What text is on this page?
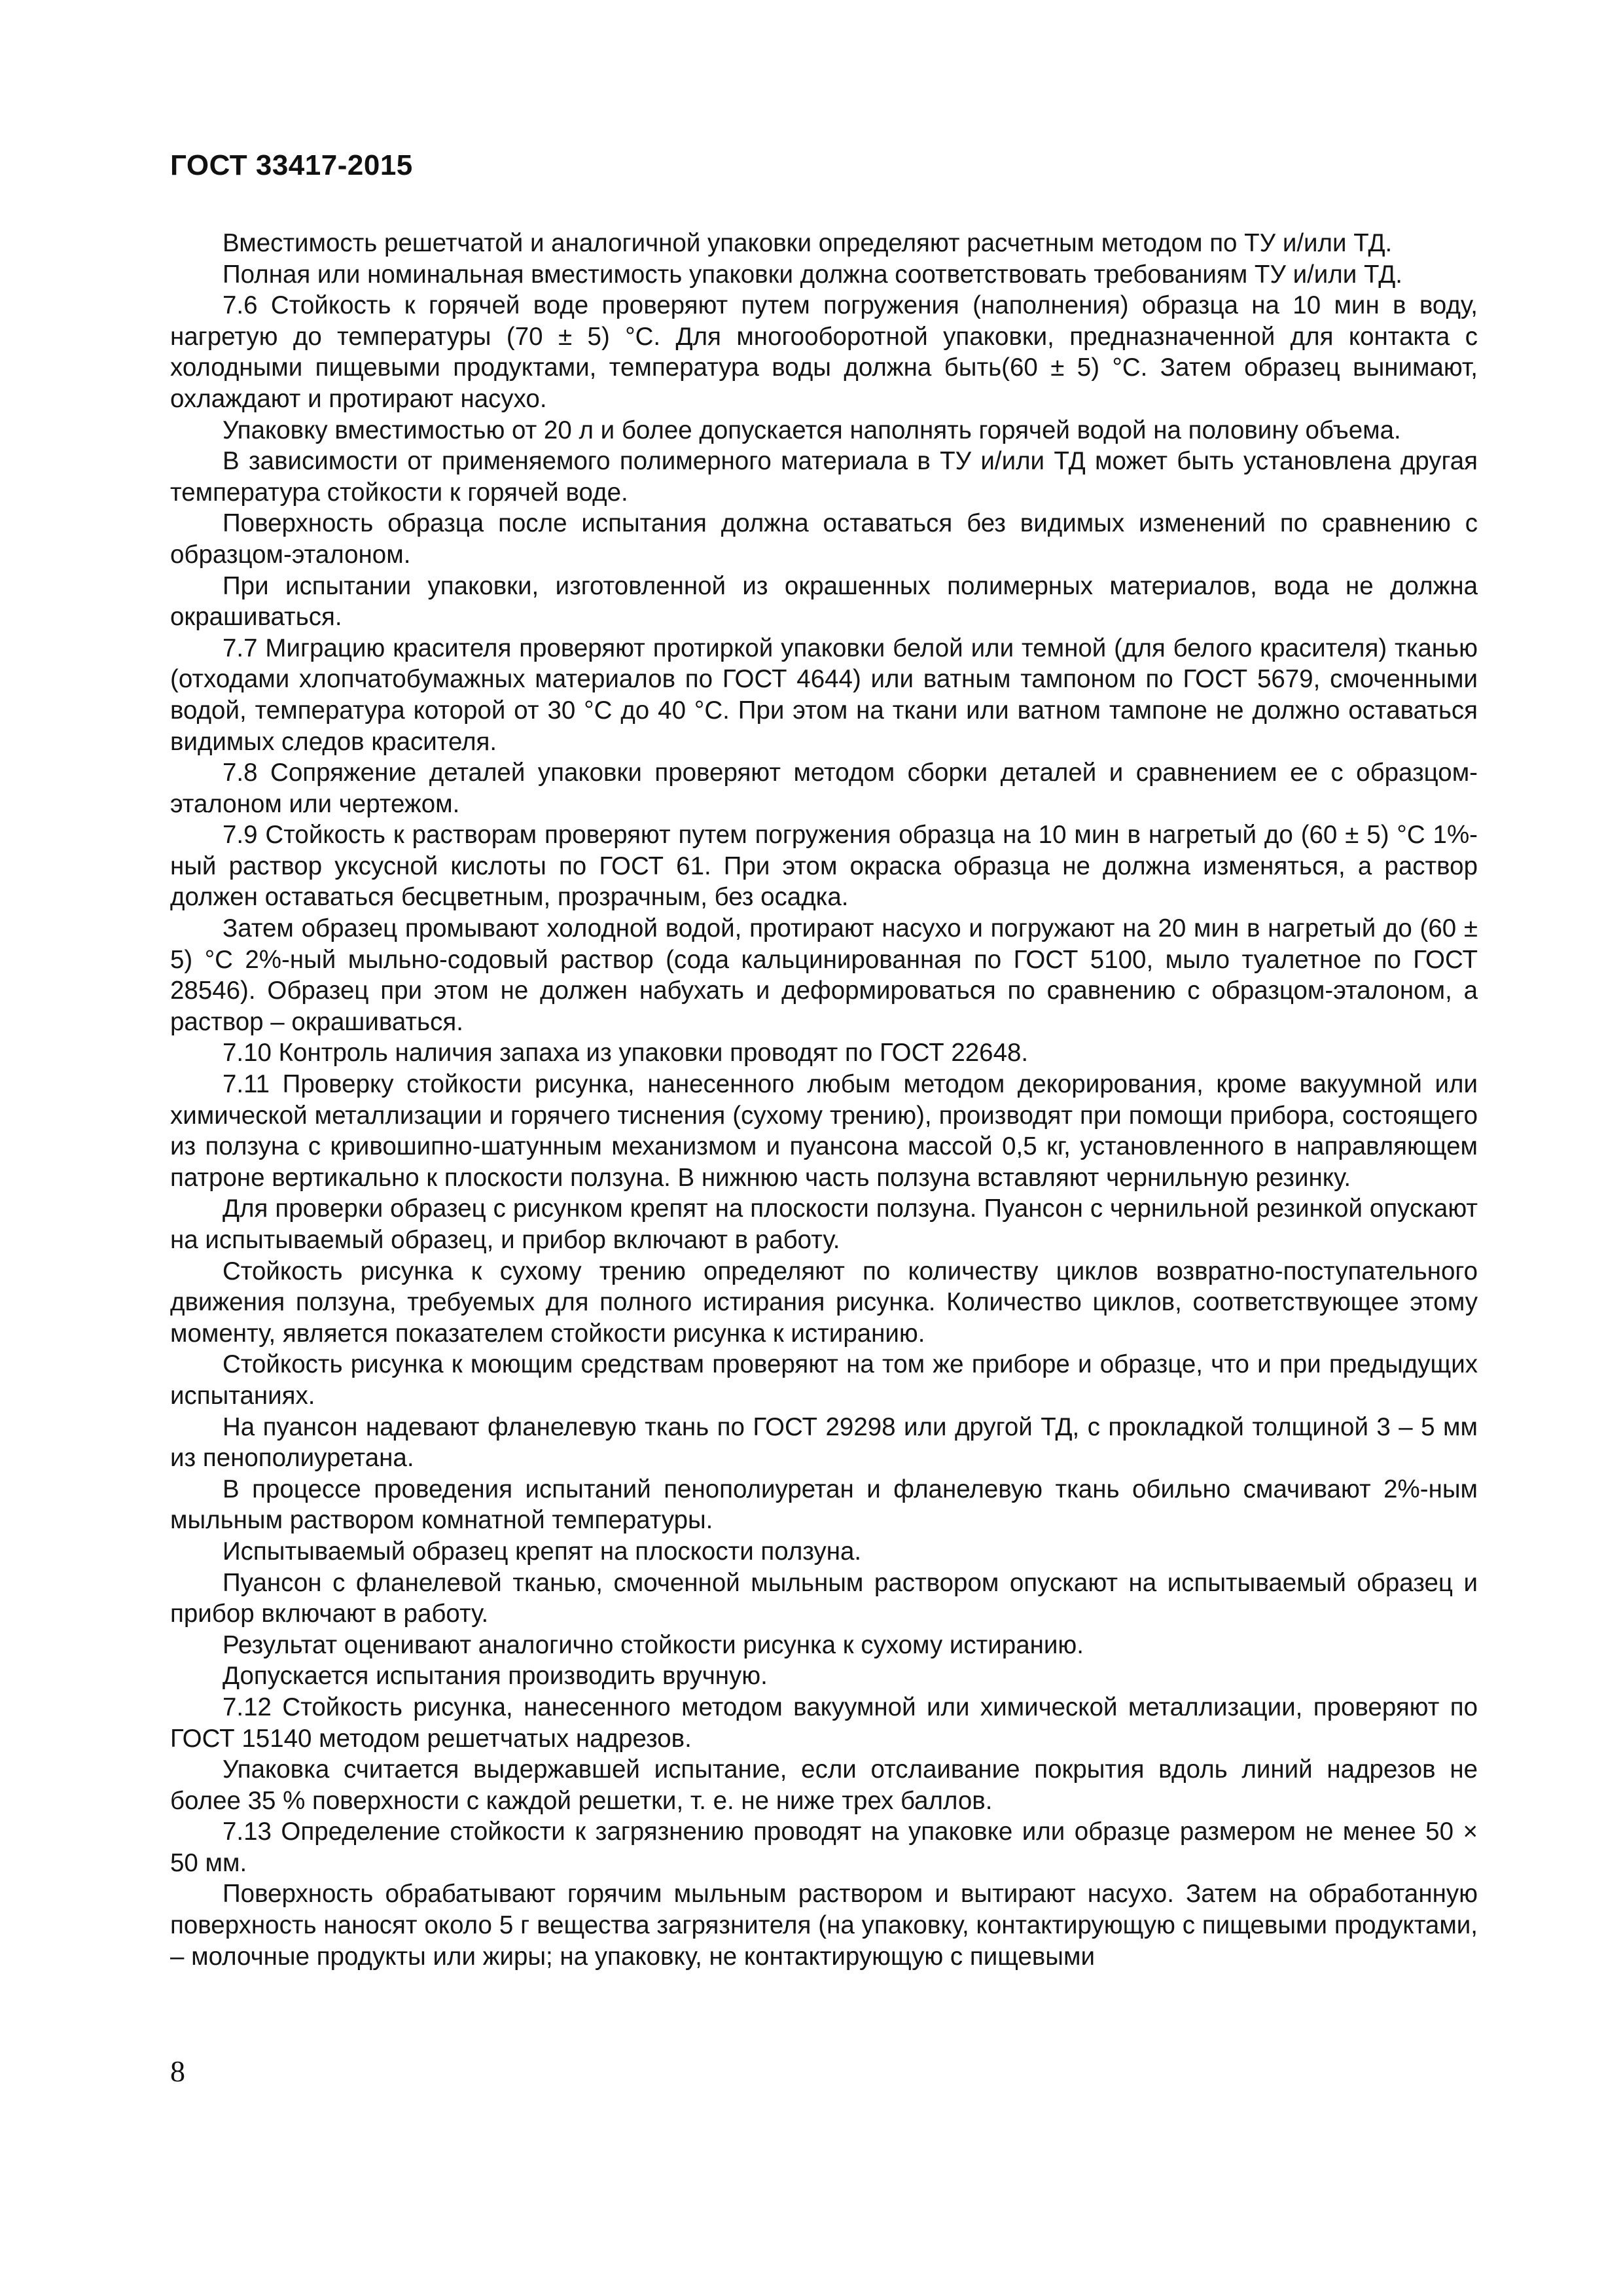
ГОСТ 33417-2015

Вместимость решетчатой и аналогичной упаковки определяют расчетным методом по ТУ и/или ТД.

Полная или номинальная вместимость упаковки должна соответствовать требованиям ТУ и/или ТД.

7.6 Стойкость к горячей воде проверяют путем погружения (наполнения) образца на 10 мин в воду, нагретую до температуры (70 ± 5) °С. Для многооборотной упаковки, предназначенной для контакта с холодными пищевыми продуктами, температура воды должна быть(60 ± 5) °С. Затем образец вынимают, охлаждают и протирают насухо.

Упаковку вместимостью от 20 л и более допускается наполнять горячей водой на половину объема.

В зависимости от применяемого полимерного материала в ТУ и/или ТД может быть установлена другая температура стойкости к горячей воде.

Поверхность образца после испытания должна оставаться без видимых изменений по сравнению с образцом-эталоном.

При испытании упаковки, изготовленной из окрашенных полимерных материалов, вода не должна окрашиваться.

7.7 Миграцию красителя проверяют протиркой упаковки белой или темной (для белого красителя) тканью (отходами хлопчатобумажных материалов по ГОСТ 4644) или ватным тампоном по ГОСТ 5679, смоченными водой, температура которой от 30 °С до 40 °С. При этом на ткани или ватном тампоне не должно оставаться видимых следов красителя.

7.8 Сопряжение деталей упаковки проверяют методом сборки деталей и сравнением ее с образцом-эталоном или чертежом.

7.9 Стойкость к растворам проверяют путем погружения образца на 10 мин в нагретый до (60 ± 5) °С 1%-ный раствор уксусной кислоты по ГОСТ 61. При этом окраска образца не должна изменяться, а раствор должен оставаться бесцветным, прозрачным, без осадка.

Затем образец промывают холодной водой, протирают насухо и погружают на 20 мин в нагретый до (60 ± 5) °С 2%-ный мыльно-содовый раствор (сода кальцинированная по ГОСТ 5100, мыло туалетное по ГОСТ 28546). Образец при этом не должен набухать и деформироваться по сравнению с образцом-эталоном, а раствор – окрашиваться.

7.10 Контроль наличия запаха из упаковки проводят по ГОСТ 22648.

7.11 Проверку стойкости рисунка, нанесенного любым методом декорирования, кроме вакуумной или химической металлизации и горячего тиснения (сухому трению), производят при помощи прибора, состоящего из ползуна с кривошипно-шатунным механизмом и пуансона массой 0,5 кг, установленного в направляющем патроне вертикально к плоскости ползуна. В нижнюю часть ползуна вставляют чернильную резинку.

Для проверки образец с рисунком крепят на плоскости ползуна. Пуансон с чернильной резинкой опускают на испытываемый образец, и прибор включают в работу.

Стойкость рисунка к сухому трению определяют по количеству циклов возвратно-поступательного движения ползуна, требуемых для полного истирания рисунка. Количество циклов, соответствующее этому моменту, является показателем стойкости рисунка к истиранию.

Стойкость рисунка к моющим средствам проверяют на том же приборе и образце, что и при предыдущих испытаниях.

На пуансон надевают фланелевую ткань по ГОСТ 29298 или другой ТД, с прокладкой толщиной 3 – 5 мм из пенополиуретана.

В процессе проведения испытаний пенополиуретан и фланелевую ткань обильно смачивают 2%-ным мыльным раствором комнатной температуры.

Испытываемый образец крепят на плоскости ползуна.

Пуансон с фланелевой тканью, смоченной мыльным раствором опускают на испытываемый образец и прибор включают в работу.

Результат оценивают аналогично стойкости рисунка к сухому истиранию.

Допускается испытания производить вручную.

7.12 Стойкость рисунка, нанесенного методом вакуумной или химической металлизации, проверяют по ГОСТ 15140 методом решетчатых надрезов.

Упаковка считается выдержавшей испытание, если отслаивание покрытия вдоль линий надрезов не более 35 % поверхности с каждой решетки, т. е. не ниже трех баллов.

7.13 Определение стойкости к загрязнению проводят на упаковке или образце размером не менее 50 × 50 мм.

Поверхность обрабатывают горячим мыльным раствором и вытирают насухо. Затем на обработанную поверхность наносят около 5 г вещества загрязнителя (на упаковку, контактирующую с пищевыми продуктами, – молочные продукты или жиры; на упаковку, не контактирующую с пищевыми

8
